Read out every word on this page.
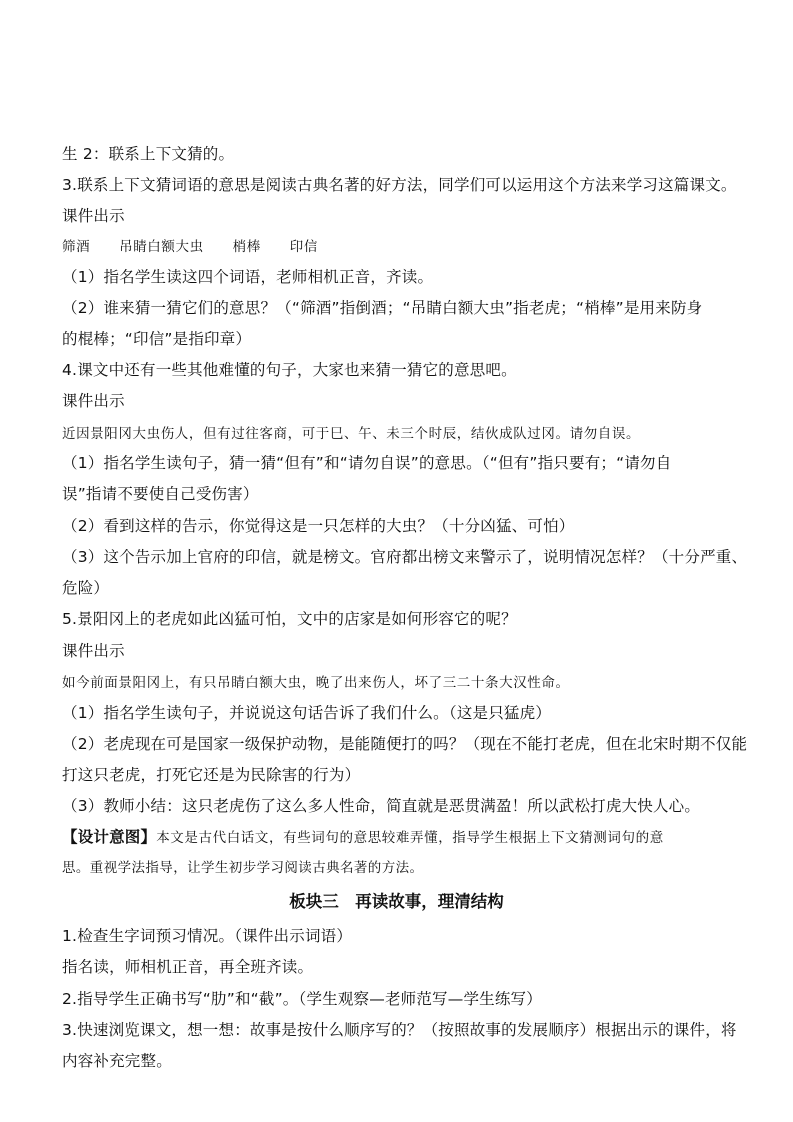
生 2：联系上下文猜的。
3.联系上下文猜词语的意思是阅读古典名著的好方法，同学们可以运用这个方法来学习这篇课文。
课件出示
筛酒 吊睛白额大虫 梢棒 印信
（1）指名学生读这四个词语，老师相机正音，齐读。
（2）谁来猜一猜它们的意思？（“筛酒”指倒酒；“吊睛白额大虫”指老虎；“梢棒”是用来防身
的棍棒；“印信”是指印章）
4.课文中还有一些其他难懂的句子，大家也来猜一猜它的意思吧。
课件出示
近因景阳冈大虫伤人，但有过往客商，可于巳、午、未三个时辰，结伙成队过冈。请勿自误。
（1）指名学生读句子，猜一猜“但有”和“请勿自误”的意思。（“但有”指只要有；“请勿自
误”指请不要使自己受伤害）
（2）看到这样的告示，你觉得这是一只怎样的大虫？（十分凶猛、可怕）
（3）这个告示加上官府的印信，就是榜文。官府都出榜文来警示了，说明情况怎样？（十分严重、
危险）
5.景阳冈上的老虎如此凶猛可怕，文中的店家是如何形容它的呢？
课件出示
如今前面景阳冈上，有只吊睛白额大虫，晚了出来伤人，坏了三二十条大汉性命。
（1）指名学生读句子，并说说这句话告诉了我们什么。（这是只猛虎）
（2）老虎现在可是国家一级保护动物，是能随便打的吗？（现在不能打老虎，但在北宋时期不仅能
打这只老虎，打死它还是为民除害的行为）
（3）教师小结：这只老虎伤了这么多人性命，简直就是恶贯满盈！所以武松打虎大快人心。
【设计意图】本文是古代白话文，有些词句的意思较难弄懂，指导学生根据上下文猜测词句的意
思。重视学法指导，让学生初步学习阅读古典名著的方法。
板块三　再读故事，理清结构
1.检查生字词预习情况。（课件出示词语）
指名读，师相机正音，再全班齐读。
2.指导学生正确书写“肋”和“截”。（学生观察—老师范写—学生练写）
3.快速浏览课文，想一想：故事是按什么顺序写的？（按照故事的发展顺序）根据出示的课件，将
内容补充完整。
